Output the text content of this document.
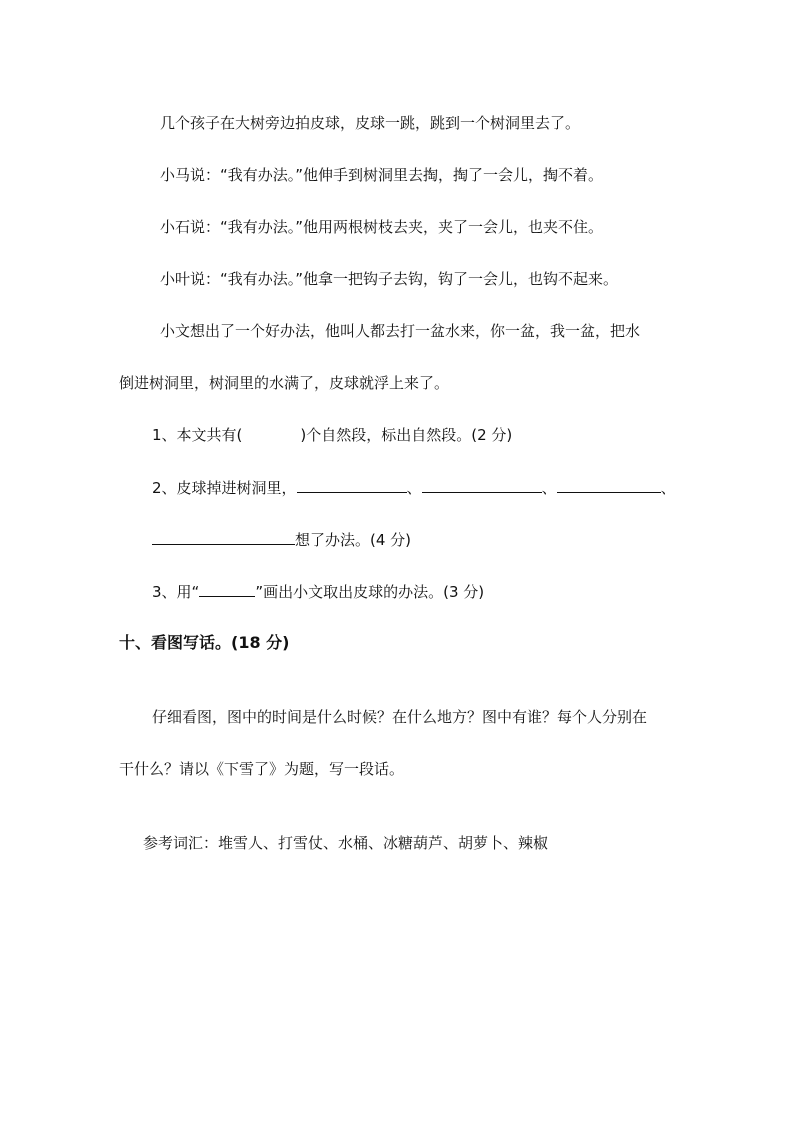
几个孩子在大树旁边拍皮球，皮球一跳，跳到一个树洞里去了。
小马说：“我有办法。”他伸手到树洞里去掏，掏了一会儿，掏不着。
小石说：“我有办法。”他用两根树枝去夹，夹了一会儿，也夹不住。
小叶说：“我有办法。”他拿一把钩子去钩，钩了一会儿，也钩不起来。
小文想出了一个好办法，他叫人都去打一盆水来，你一盆，我一盆，把水
倒进树洞里，树洞里的水满了，皮球就浮上来了。
1、本文共有(	)个自然段，标出自然段。(2 分)
2、皮球掉进树洞里，	、	、	、
想了办法。(4 分)
3、用“	”画出小文取出皮球的办法。(3 分)
十、看图写话。(18 分)
仔细看图，图中的时间是什么时候？在什么地方？图中有谁？每个人分别在
干什么？请以《下雪了》为题，写一段话。
参考词汇：堆雪人、打雪仗、水桶、冰糖葫芦、胡萝卜、辣椒
